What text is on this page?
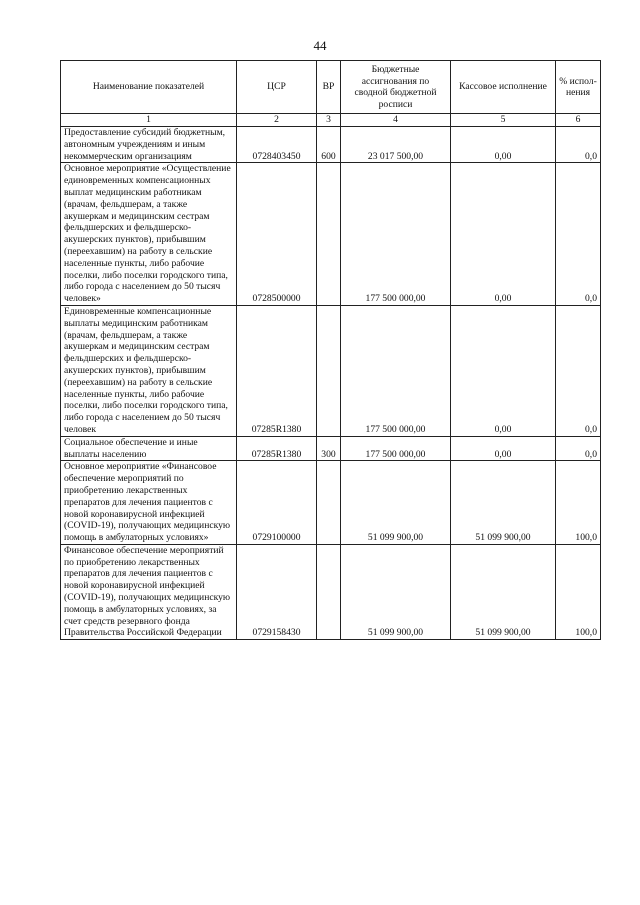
44
Наименование показателей	ЦСР	ВР	Бюджетные ассигнования по сводной бюджетной росписи	Кассовое исполнение	% испол-нения
1	2	3	4	5	6
Предоставление субсидий бюджетным, автономным учреждениям и иным некоммерческим организациям	0728403450	600	23 017 500,00	0,00	0,0
Основное мероприятие «Осуществление единовременных компенсационных выплат медицинским работникам (врачам, фельдшерам, а также акушеркам и медицинским сестрам фельдшерских и фельдшерско-акушерских пунктов), прибывшим (переехавшим) на работу в сельские населенные пункты, либо рабочие поселки, либо поселки городского типа, либо города с населением до 50 тысяч человек»	0728500000		177 500 000,00	0,00	0,0
Единовременные компенсационные выплаты медицинским работникам (врачам, фельдшерам, а также акушеркам и медицинским сестрам фельдшерских и фельдшерско-акушерских пунктов), прибывшим (переехавшим) на работу в сельские населенные пункты, либо рабочие поселки, либо поселки городского типа, либо города с населением до 50 тысяч человек	07285R1380		177 500 000,00	0,00	0,0
Социальное обеспечение и иные выплаты населению	07285R1380	300	177 500 000,00	0,00	0,0
Основное мероприятие «Финансовое обеспечение мероприятий по приобретению лекарственных препаратов для лечения пациентов с новой коронавирусной инфекцией (COVID-19), получающих медицинскую помощь в амбулаторных условиях»	0729100000		51 099 900,00	51 099 900,00	100,0
Финансовое обеспечение мероприятий по приобретению лекарственных препаратов для лечения пациентов с новой коронавирусной инфекцией (COVID-19), получающих медицинскую помощь в амбулаторных условиях, за счет средств резервного фонда Правительства Российской Федерации	0729158430		51 099 900,00	51 099 900,00	100,0
